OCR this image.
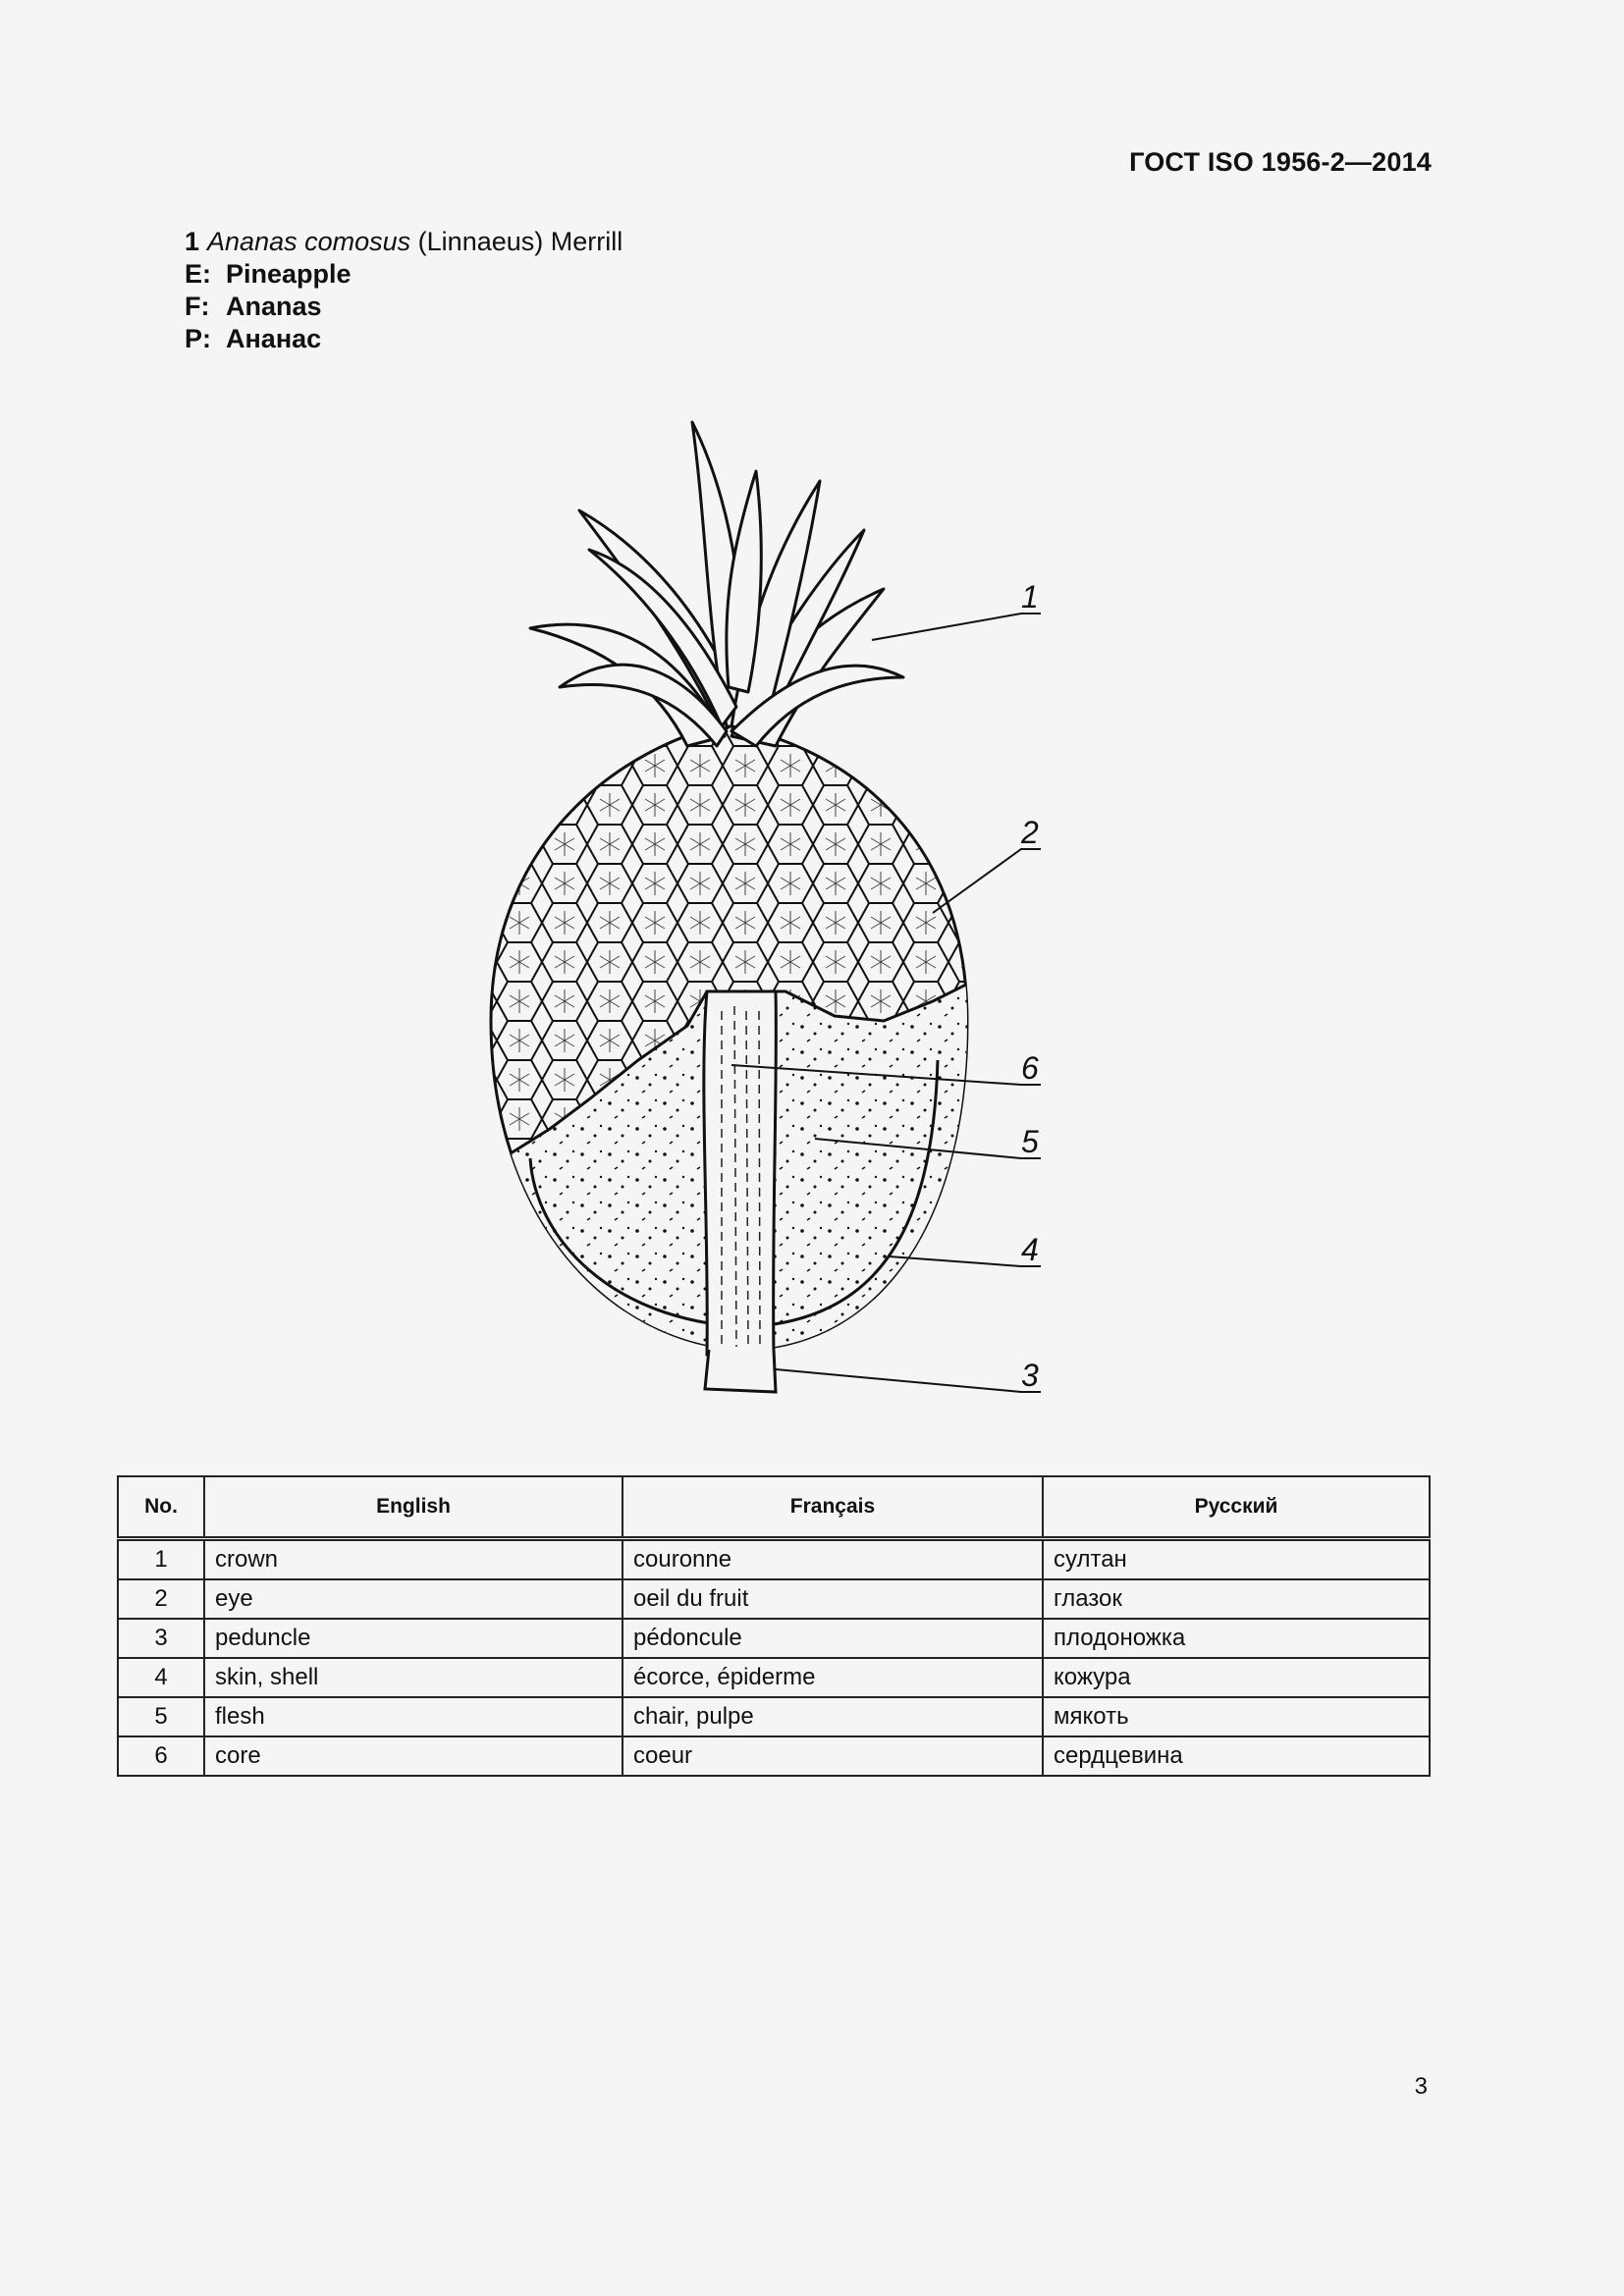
ГОСТ ISO 1956-2—2014
1 Ananas comosus (Linnaeus) Merrill
E: Pineapple
F: Ananas
P: Ананас
1
2
6
5
4
3
No.	English	Français	Русский
1	crown	couronne	султан
2	eye	oeil du fruit	глазок
3	peduncle	pédoncule	плодоножка
4	skin, shell	écorce, épiderme	кожура
5	flesh	chair, pulpe	мякоть
6	core	coeur	сердцевина
3
